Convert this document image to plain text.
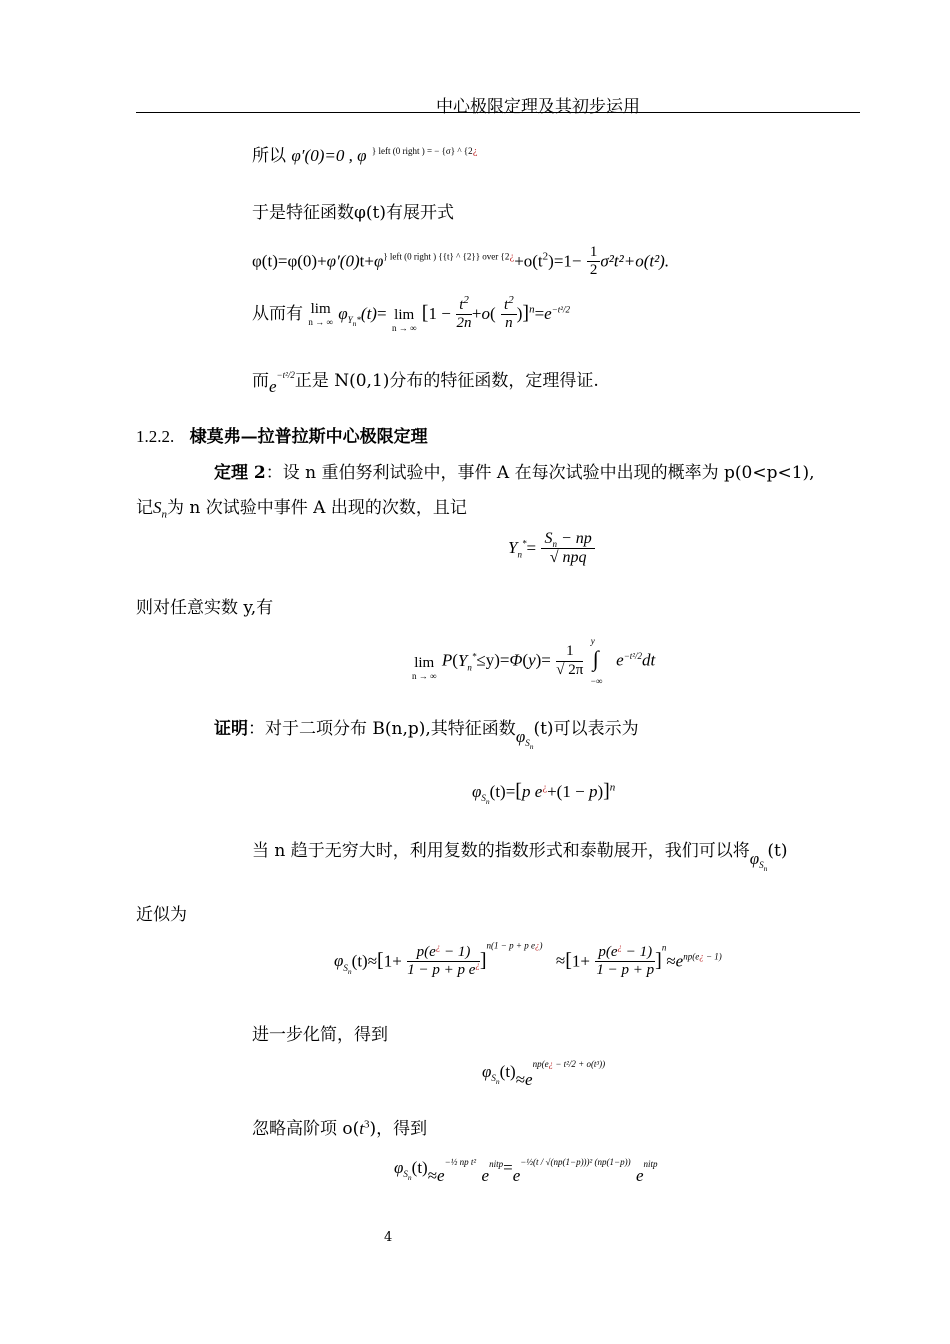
中心极限定理及其初步运用
所以 φ′(0)=0 , φ $^{\} left (0 right ) = - \{\sigma\} \^{} \{2¿}$
于是特征函数φ(t)有展开式
$\varphi(t)=\varphi(0)+\varphi'(0)t+\varphi^{\} left (0 right ) \{\{t\} \^{} \{2\}\} over \{2¿}+o(t^2)=1- \frac{1}{2} \sigma^2t^2+o(t^2)$.
从而有 lim
n → ∞ $\varphi_{Y_n*}(t)= \lim$
n → ∞
$[1 - \frac{t^2}{2n} +o( \frac{t^2}{n} )]^n=e^{-t^2/2}$
而$e^{-t^2/2}$正是 N(0,1)分布的特征函数，定理得证.
1.2.2. 棣莫弗—拉普拉斯中心极限定理
定理 2：设 n 重伯努利试验中，事件 A 在每次试验中出现的概率为 p(0<p<1),
记$S_n$为 n 次试验中事件 A 出现的次数，且记
$Y_n^*= \frac{S_n - np}{\text{√ npq}}$
则对任意实数 y,有
lim
n → ∞
$P(Y_n^*\le y)=\Phi(y)= \frac{1}{√ 2\pi}$

y
∫
−∞
$e^{-t^2/2}dt$
证明：对于二项分布 B(n,p),其特征函数$\varphi_{S_n}(t)$可以表示为
$\varphi_{S_n}(t)=[p$ e¿+(1 − p)]$^n$
当 n 趋于无穷大时，利用复数的指数形式和泰勒展开，我们可以将$\varphi_{S_n}(t)$
近似为
$\varphi_{S_n}(t)\approx[1+ \frac{p(e^¿ - 1)}{1 - p + p e^¿} ]^{n(1 - p + p e¿)} \approx[1+ \frac{p(e^¿ - 1)}{1 - p + p} ]^n\approx e^{np(e¿ - 1)}$
进一步化简，得到
$\varphi_{S_n}(t)\approx e^{np(e¿ - t^2/2 + o(t^3))}$
忽略高阶项 $o(t^3)$，得到
$\varphi_{S_n}(t)\approx e^{-\frac{1}{2} np t^2}$ $e^{nitp}=e^{-\frac{1}{2}(t / √(np(1-p)))^2 (np(1-p))}$ $e^{nitp}$
4
